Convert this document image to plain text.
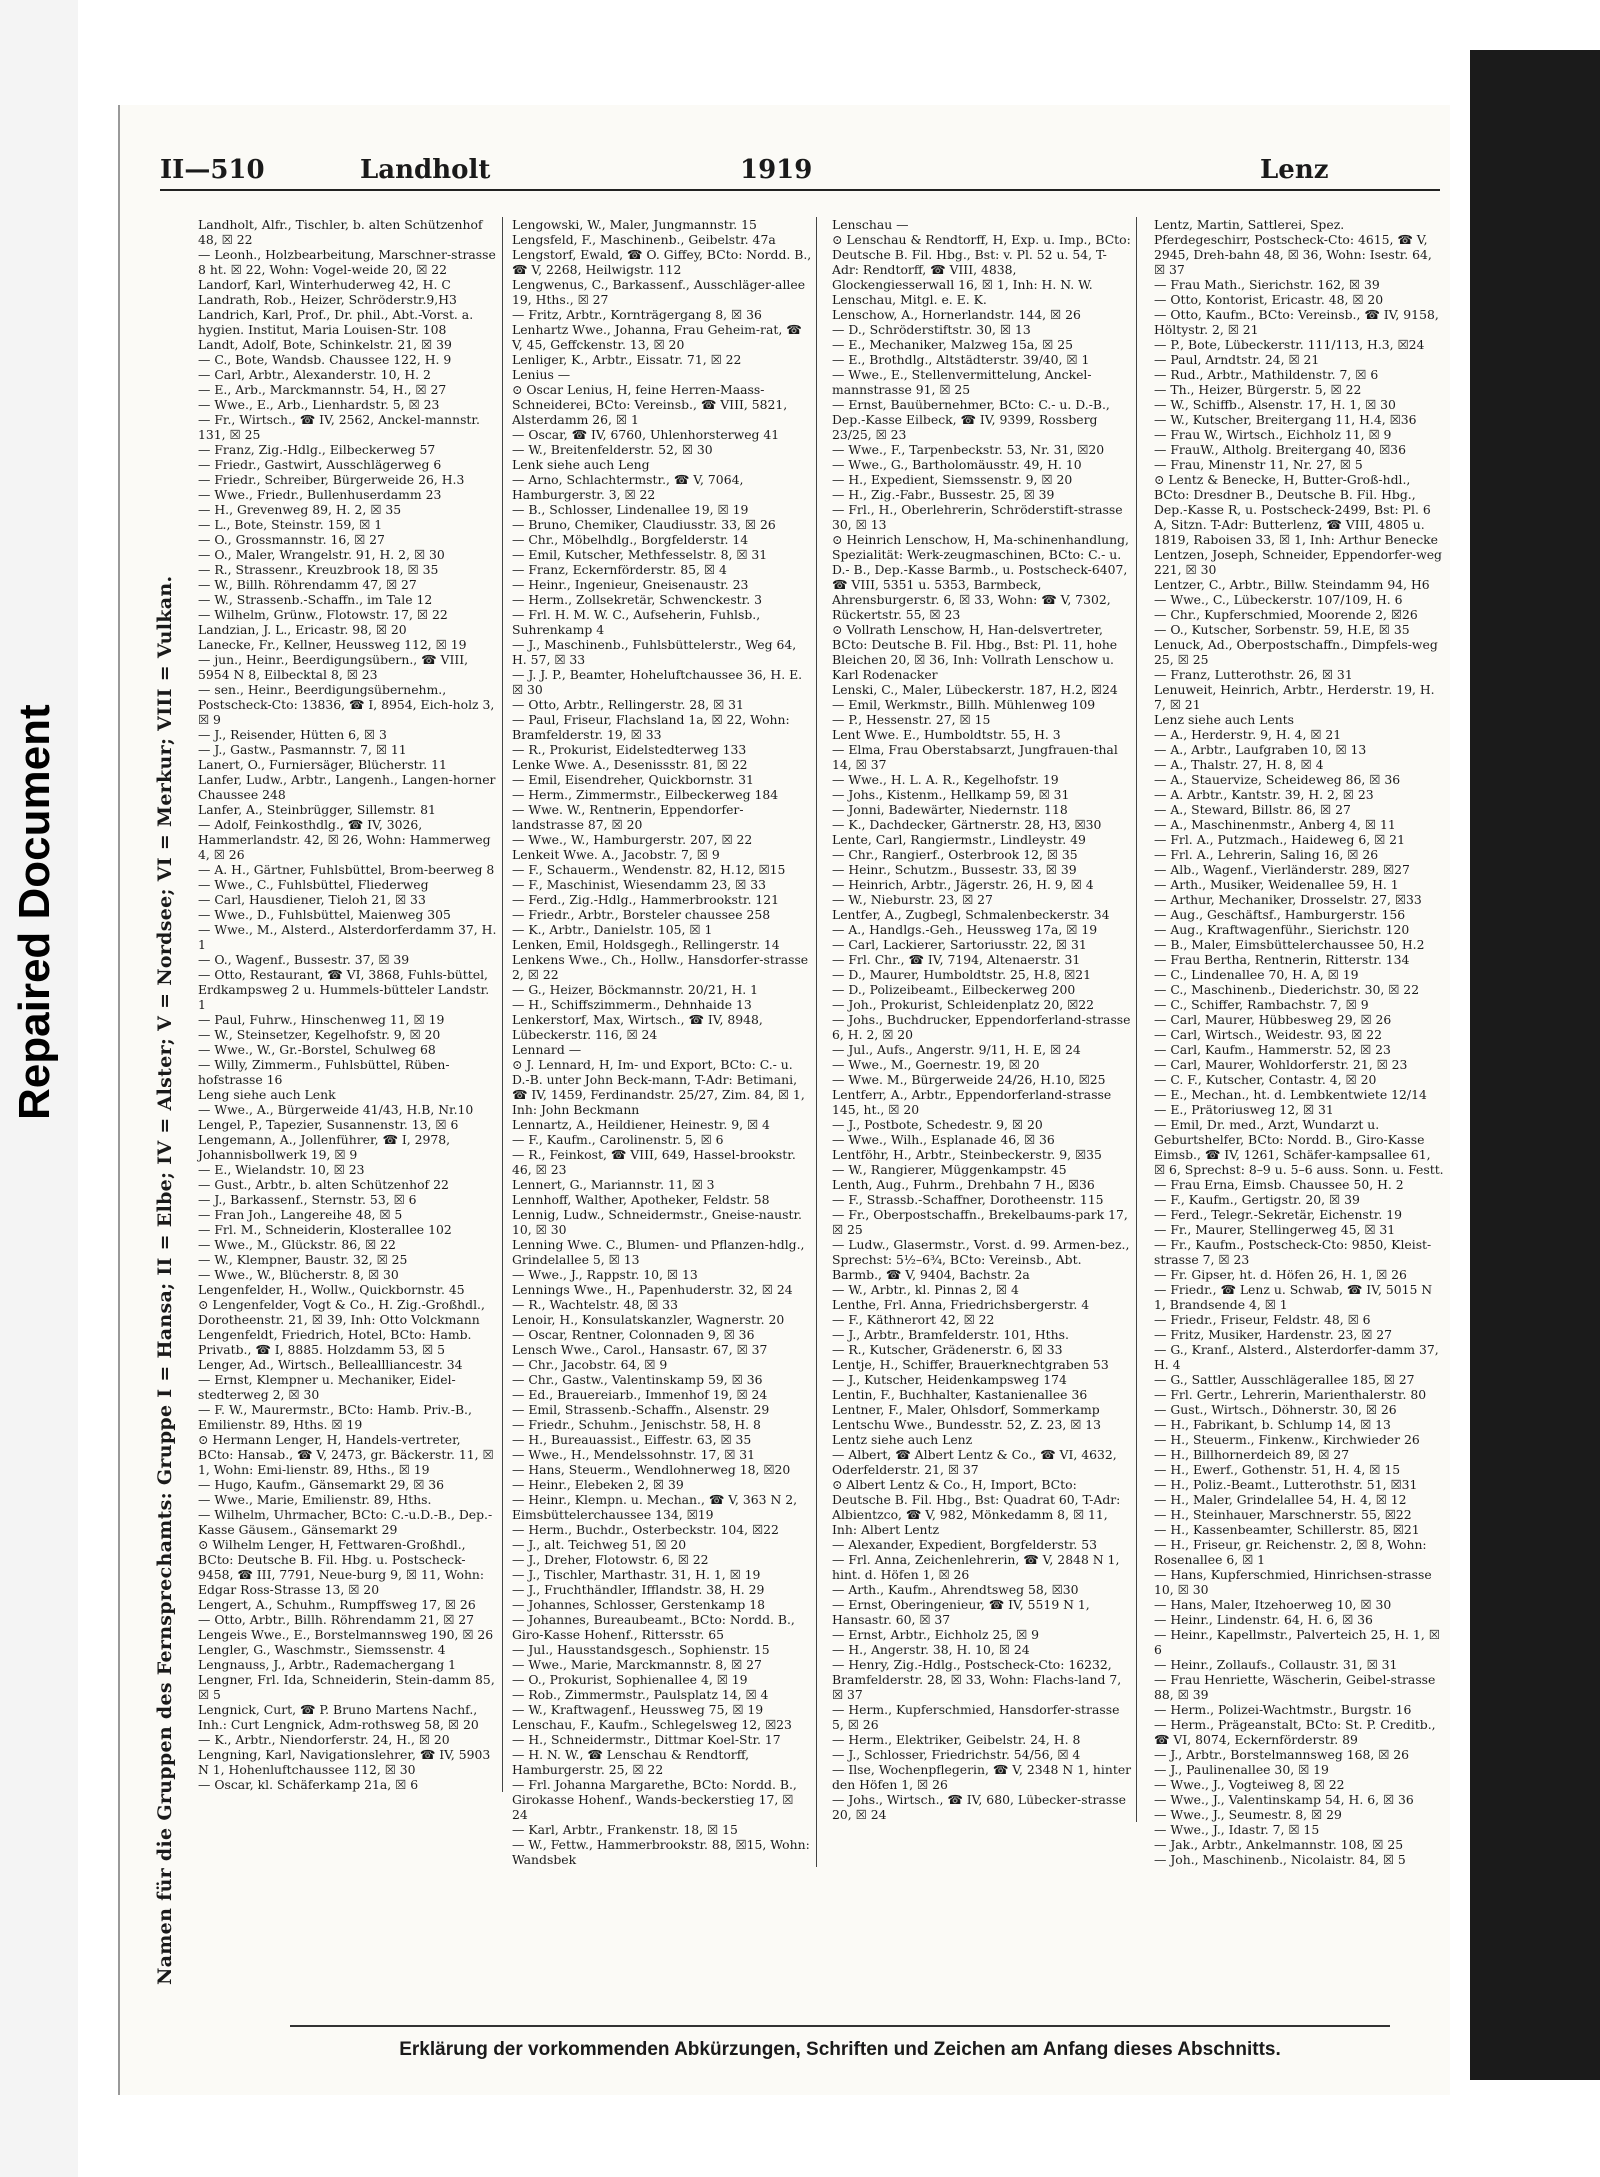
Repaired Document
II—510	Landholt	1919	Lenz
Namen für die Gruppen des Fernsprechamts: Gruppe I = Hansa; II = Elbe; IV = Alster; V = Nordsee; VI = Merkur; VIII = Vulkan.

Landholt, Alfr., Tischler, b. alten Schützenhof 48, ☒ 22

— Leonh., Holzbearbeitung, Marschner-strasse 8 ht. ☒ 22, Wohn: Vogel-weide 20, ☒ 22

Landorf, Karl, Winterhuderweg 42, H. C

Landrath, Rob., Heizer, Schröderstr.9,H3

Landrich, Karl, Prof., Dr. phil., Abt.-Vorst. a. hygien. Institut, Maria Louisen-Str. 108

Landt, Adolf, Bote, Schinkelstr. 21, ☒ 39

— C., Bote, Wandsb. Chaussee 122, H. 9

— Carl, Arbtr., Alexanderstr. 10, H. 2

— E., Arb., Marckmannstr. 54, H., ☒ 27

— Wwe., E., Arb., Lienhardstr. 5, ☒ 23

— Fr., Wirtsch., ☎ IV, 2562, Anckel-mannstr. 131, ☒ 25

— Franz, Zig.-Hdlg., Eilbeckerweg 57

— Friedr., Gastwirt, Ausschlägerweg 6

— Friedr., Schreiber, Bürgerweide 26, H.3

— Wwe., Friedr., Bullenhuserdamm 23

— H., Grevenweg 89, H. 2, ☒ 35

— L., Bote, Steinstr. 159, ☒ 1

— O., Grossmannstr. 16, ☒ 27

— O., Maler, Wrangelstr. 91, H. 2, ☒ 30

— R., Strassenr., Kreuzbrook 18, ☒ 35

— W., Billh. Röhrendamm 47, ☒ 27

— W., Strassenb.-Schaffn., im Tale 12

— Wilhelm, Grünw., Flotowstr. 17, ☒ 22

Landzian, J. L., Ericastr. 98, ☒ 20

Lanecke, Fr., Kellner, Heussweg 112, ☒ 19

— jun., Heinr., Beerdigungsübern., ☎ VIII, 5954 N 8, Eilbecktal 8, ☒ 23

— sen., Heinr., Beerdigungsübernehm., Postscheck-Cto: 13836, ☎ I, 8954, Eich-holz 3, ☒ 9

— J., Reisender, Hütten 6, ☒ 3

— J., Gastw., Pasmannstr. 7, ☒ 11

Lanert, O., Furniersäger, Blücherstr. 11

Lanfer, Ludw., Arbtr., Langenh., Langen-horner Chaussee 248

Lanfer, A., Steinbrügger, Sillemstr. 81

— Adolf, Feinkosthdlg., ☎ IV, 3026, Hammerlandstr. 42, ☒ 26, Wohn: Hammerweg 4, ☒ 26

— A. H., Gärtner, Fuhlsbüttel, Brom-beerweg 8

— Wwe., C., Fuhlsbüttel, Fliederweg

— Carl, Hausdiener, Tieloh 21, ☒ 33

— Wwe., D., Fuhlsbüttel, Maienweg 305

— Wwe., M., Alsterd., Alsterdorferdamm 37, H. 1

— O., Wagenf., Bussestr. 37, ☒ 39

— Otto, Restaurant, ☎ VI, 3868, Fuhls-büttel, Erdkampsweg 2 u. Hummels-bütteler Landstr. 1

— Paul, Fuhrw., Hinschenweg 11, ☒ 19

— W., Steinsetzer, Kegelhofstr. 9, ☒ 20

— Wwe., W., Gr.-Borstel, Schulweg 68

— Willy, Zimmerm., Fuhlsbüttel, Rüben-hofstrasse 16

Leng siehe auch Lenk

— Wwe., A., Bürgerweide 41/43, H.B, Nr.10

Lengel, P., Tapezier, Susannenstr. 13, ☒ 6

Lengemann, A., Jollenführer, ☎ I, 2978, Johannisbollwerk 19, ☒ 9

— E., Wielandstr. 10, ☒ 23

— Gust., Arbtr., b. alten Schützenhof 22

— J., Barkassenf., Sternstr. 53, ☒ 6

— Fran Joh., Langereihe 48, ☒ 5

— Frl. M., Schneiderin, Klosterallee 102

— Wwe., M., Glückstr. 86, ☒ 22

— W., Klempner, Baustr. 32, ☒ 25

— Wwe., W., Blücherstr. 8, ☒ 30

Lengenfelder, H., Wollw., Quickbornstr. 45

⊙ Lengenfelder, Vogt & Co., H. Zig.-Großhdl., Dorotheenstr. 21, ☒ 39, Inh: Otto Volckmann

Lengenfeldt, Friedrich, Hotel, BCto: Hamb. Privatb., ☎ I, 8885. Holzdamm 53, ☒ 5

Lenger, Ad., Wirtsch., Belleallliancestr. 34

— Ernst, Klempner u. Mechaniker, Eidel-stedterweg 2, ☒ 30

— F. W., Maurermstr., BCto: Hamb. Priv.-B., Emilienstr. 89, Hths. ☒ 19

⊙ Hermann Lenger, H, Handels-vertreter, BCto: Hansab., ☎ V, 2473, gr. Bäckerstr. 11, ☒ 1, Wohn: Emi-lienstr. 89, Hths., ☒ 19

— Hugo, Kaufm., Gänsemarkt 29, ☒ 36

— Wwe., Marie, Emilienstr. 89, Hths.

— Wilhelm, Uhrmacher, BCto: C.-u.D.-B., Dep.-Kasse Gäusem., Gänsemarkt 29

⊙ Wilhelm Lenger, H, Fettwaren-Großhdl., BCto: Deutsche B. Fil. Hbg. u. Postscheck-9458, ☎ III, 7791, Neue-burg 9, ☒ 11, Wohn: Edgar Ross-Strasse 13, ☒ 20

Lengert, A., Schuhm., Rumpffsweg 17, ☒ 26

— Otto, Arbtr., Billh. Röhrendamm 21, ☒ 27

Lengeis Wwe., E., Borstelmannsweg 190, ☒ 26

Lengler, G., Waschmstr., Siemssenstr. 4

Lengnauss, J., Arbtr., Rademachergang 1

Lengner, Frl. Ida, Schneiderin, Stein-damm 85, ☒ 5

Lengnick, Curt, ☎ P. Bruno Martens Nachf., Inh.: Curt Lengnick, Adm-rothsweg 58, ☒ 20

— K., Arbtr., Niendorferstr. 24, H., ☒ 20

Lengning, Karl, Navigationslehrer, ☎ IV, 5903 N 1, Hohenluftchaussee 112, ☒ 30

— Oscar, kl. Schäferkamp 21a, ☒ 6

Lengowski, W., Maler, Jungmannstr. 15

Lengsfeld, F., Maschinenb., Geibelstr. 47a

Lengstorf, Ewald, ☎ O. Giffey, BCto: Nordd. B., ☎ V, 2268, Heilwigstr. 112

Lengwenus, C., Barkassenf., Ausschläger-allee 19, Hths., ☒ 27

— Fritz, Arbtr., Kornträgergang 8, ☒ 36

Lenhartz Wwe., Johanna, Frau Geheim-rat, ☎ V, 45, Geffckenstr. 13, ☒ 20

Lenliger, K., Arbtr., Eissatr. 71, ☒ 22

Lenius —

⊙ Oscar Lenius, H, feine Herren-Maass-Schneiderei, BCto: Vereinsb., ☎ VIII, 5821, Alsterdamm 26, ☒ 1

— Oscar, ☎ IV, 6760, Uhlenhorsterweg 41

— W., Breitenfelderstr. 52, ☒ 30

Lenk siehe auch Leng

— Arno, Schlachtermstr., ☎ V, 7064, Hamburgerstr. 3, ☒ 22

— B., Schlosser, Lindenallee 19, ☒ 19

— Bruno, Chemiker, Claudiusstr. 33, ☒ 26

— Chr., Möbelhdlg., Borgfelderstr. 14

— Emil, Kutscher, Methfesselstr. 8, ☒ 31

— Franz, Eckernförderstr. 85, ☒ 4

— Heinr., Ingenieur, Gneisenaustr. 23

— Herm., Zollsekretär, Schwenckestr. 3

— Frl. H. M. W. C., Aufseherin, Fuhlsb., Suhrenkamp 4

— J., Maschinenb., Fuhlsbüttelerstr., Weg 64, H. 57, ☒ 33

— J. J. P., Beamter, Hoheluftchaussee 36, H. E. ☒ 30

— Otto, Arbtr., Rellingerstr. 28, ☒ 31

— Paul, Friseur, Flachsland 1a, ☒ 22, Wohn: Bramfelderstr. 19, ☒ 33

— R., Prokurist, Eidelstedterweg 133

Lenke Wwe. A., Desenissstr. 81, ☒ 22

— Emil, Eisendreher, Quickbornstr. 31

— Herm., Zimmermstr., Eilbeckerweg 184

— Wwe. W., Rentnerin, Eppendorfer-landstrasse 87, ☒ 20

— Wwe., W., Hamburgerstr. 207, ☒ 22

Lenkeit Wwe. A., Jacobstr. 7, ☒ 9

— F., Schauerm., Wendenstr. 82, H.12, ☒15

— F., Maschinist, Wiesendamm 23, ☒ 33

— Ferd., Zig.-Hdlg., Hammerbrookstr. 121

— Friedr., Arbtr., Borsteler chaussee 258

— K., Arbtr., Danielstr. 105, ☒ 1

Lenken, Emil, Holdsgegh., Rellingerstr. 14

Lenkens Wwe., Ch., Hollw., Hansdorfer-strasse 2, ☒ 22

— G., Heizer, Böckmannstr. 20/21, H. 1

— H., Schiffszimmerm., Dehnhaide 13

Lenkerstorf, Max, Wirtsch., ☎ IV, 8948, Lübeckerstr. 116, ☒ 24

Lennard —

⊙ J. Lennard, H, Im- und Export, BCto: C.- u. D.-B. unter John Beck-mann, T-Adr: Betimani, ☎ IV, 1459, Ferdinandstr. 25/27, Zim. 84, ☒ 1, Inh: John Beckmann

Lennartz, A., Heildiener, Heinestr. 9, ☒ 4

— F., Kaufm., Carolinenstr. 5, ☒ 6

— R., Feinkost, ☎ VIII, 649, Hassel-brookstr. 46, ☒ 23

Lennert, G., Mariannstr. 11, ☒ 3

Lennhoff, Walther, Apotheker, Feldstr. 58

Lennig, Ludw., Schneidermstr., Gneise-naustr. 10, ☒ 30

Lenning Wwe. C., Blumen- und Pflanzen-hdlg., Grindelallee 5, ☒ 13

— Wwe., J., Rappstr. 10, ☒ 13

Lennings Wwe., H., Papenhuderstr. 32, ☒ 24

— R., Wachtelstr. 48, ☒ 33

Lenoir, H., Konsulatskanzler, Wagnerstr. 20

— Oscar, Rentner, Colonnaden 9, ☒ 36

Lensch Wwe., Carol., Hansastr. 67, ☒ 37

— Chr., Jacobstr. 64, ☒ 9

— Chr., Gastw., Valentinskamp 59, ☒ 36

— Ed., Brauereiarb., Immenhof 19, ☒ 24

— Emil, Strassenb.-Schaffn., Alsenstr. 29

— Friedr., Schuhm., Jenischstr. 58, H. 8

— H., Bureauassist., Eiffestr. 63, ☒ 35

— Wwe., H., Mendelssohnstr. 17, ☒ 31

— Hans, Steuerm., Wendlohnerweg 18, ☒20

— Heinr., Elebeken 2, ☒ 39

— Heinr., Klempn. u. Mechan., ☎ V, 363 N 2, Eimsbüttelerchaussee 134, ☒19

— Herm., Buchdr., Osterbeckstr. 104, ☒22

— J., alt. Teichweg 51, ☒ 20

— J., Dreher, Flotowstr. 6, ☒ 22

— J., Tischler, Marthastr. 31, H. 1, ☒ 19

— J., Fruchthändler, Ifflandstr. 38, H. 29

— Johannes, Schlosser, Gerstenkamp 18

— Johannes, Bureaubeamt., BCto: Nordd. B., Giro-Kasse Hohenf., Rittersstr. 65

— Jul., Hausstandsgesch., Sophienstr. 15

— Wwe., Marie, Marckmannstr. 8, ☒ 27

— O., Prokurist, Sophienallee 4, ☒ 19

— Rob., Zimmermstr., Paulsplatz 14, ☒ 4

— W., Kraftwagenf., Heussweg 75, ☒ 19

Lenschau, F., Kaufm., Schlegelsweg 12, ☒23

— H., Schneidermstr., Dittmar Koel-Str. 17

— H. N. W., ☎ Lenschau & Rendtorff, Hamburgerstr. 25, ☒ 22

— Frl. Johanna Margarethe, BCto: Nordd. B., Girokasse Hohenf., Wands-beckerstieg 17, ☒ 24

— Karl, Arbtr., Frankenstr. 18, ☒ 15

— W., Fettw., Hammerbrookstr. 88, ☒15, Wohn: Wandsbek

Lenschau —

⊙ Lenschau & Rendtorff, H, Exp. u. Imp., BCto: Deutsche B. Fil. Hbg., Bst: v. Pl. 52 u. 54, T-Adr: Rendtorff, ☎ VIII, 4838, Glockengiesserwall 16, ☒ 1, Inh: H. N. W. Lenschau, Mitgl. e. E. K.

Lenschow, A., Hornerlandstr. 144, ☒ 26

— D., Schröderstiftstr. 30, ☒ 13

— E., Mechaniker, Malzweg 15a, ☒ 25

— E., Brothdlg., Altstädterstr. 39/40, ☒ 1

— Wwe., E., Stellenvermittelung, Anckel-mannstrasse 91, ☒ 25

— Ernst, Bauübernehmer, BCto: C.- u. D.-B., Dep.-Kasse Eilbeck, ☎ IV, 9399, Rossberg 23/25, ☒ 23

— Wwe., F., Tarpenbeckstr. 53, Nr. 31, ☒20

— Wwe., G., Bartholomäusstr. 49, H. 10

— H., Expedient, Siemssenstr. 9, ☒ 20

— H., Zig.-Fabr., Bussestr. 25, ☒ 39

— Frl., H., Oberlehrerin, Schröderstift-strasse 30, ☒ 13

⊙ Heinrich Lenschow, H, Ma-schinenhandlung, Spezialität: Werk-zeugmaschinen, BCto: C.- u. D.- B., Dep.-Kasse Barmb., u. Postscheck-6407, ☎ VIII, 5351 u. 5353, Barmbeck, Ahrensburgerstr. 6, ☒ 33, Wohn: ☎ V, 7302, Rückertstr. 55, ☒ 23

⊙ Vollrath Lenschow, H, Han-delsvertreter, BCto: Deutsche B. Fil. Hbg., Bst: Pl. 11, hohe Bleichen 20, ☒ 36, Inh: Vollrath Lenschow u. Karl Rodenacker

Lenski, C., Maler, Lübeckerstr. 187, H.2, ☒24

— Emil, Werkmstr., Billh. Mühlenweg 109

— P., Hessenstr. 27, ☒ 15

Lent Wwe. E., Humboldtstr. 55, H. 3

— Elma, Frau Oberstabsarzt, Jungfrauen-thal 14, ☒ 37

— Wwe., H. L. A. R., Kegelhofstr. 19

— Johs., Kistenm., Hellkamp 59, ☒ 31

— Jonni, Badewärter, Niedernstr. 118

— K., Dachdecker, Gärtnerstr. 28, H3, ☒30

Lente, Carl, Rangiermstr., Lindleystr. 49

— Chr., Rangierf., Osterbrook 12, ☒ 35

— Heinr., Schutzm., Bussestr. 33, ☒ 39

— Heinrich, Arbtr., Jägerstr. 26, H. 9, ☒ 4

— W., Nieburstr. 23, ☒ 27

Lentfer, A., Zugbegl, Schmalenbeckerstr. 34

— A., Handlgs.-Geh., Heussweg 17a, ☒ 19

— Carl, Lackierer, Sartoriusstr. 22, ☒ 31

— Frl. Chr., ☎ IV, 7194, Altenaerstr. 31

— D., Maurer, Humboldtstr. 25, H.8, ☒21

— D., Polizeibeamt., Eilbeckerweg 200

— Joh., Prokurist, Schleidenplatz 20, ☒22

— Johs., Buchdrucker, Eppendorferland-strasse 6, H. 2, ☒ 20

— Jul., Aufs., Angerstr. 9/11, H. E, ☒ 24

— Wwe., M., Goernestr. 19, ☒ 20

— Wwe. M., Bürgerweide 24/26, H.10, ☒25

Lentferr, A., Arbtr., Eppendorferland-strasse 145, ht., ☒ 20

— J., Postbote, Schedestr. 9, ☒ 20

— Wwe., Wilh., Esplanade 46, ☒ 36

Lentföhr, H., Arbtr., Steinbeckerstr. 9, ☒35

— W., Rangierer, Müggenkampstr. 45

Lenth, Aug., Fuhrm., Drehbahn 7 H., ☒36

— F., Strassb.-Schaffner, Dorotheenstr. 115

— Fr., Oberpostschaffn., Brekelbaums-park 17, ☒ 25

— Ludw., Glasermstr., Vorst. d. 99. Armen-bez., Sprechst: 5½–6¾, BCto: Vereinsb., Abt. Barmb., ☎ V, 9404, Bachstr. 2a

— W., Arbtr., kl. Pinnas 2, ☒ 4

Lenthe, Frl. Anna, Friedrichsbergerstr. 4

— F., Käthnerort 42, ☒ 22

— J., Arbtr., Bramfelderstr. 101, Hths.

— R., Kutscher, Grädenerstr. 6, ☒ 33

Lentje, H., Schiffer, Brauerknechtgraben 53

— J., Kutscher, Heidenkampsweg 174

Lentin, F., Buchhalter, Kastanienallee 36

Lentner, F., Maler, Ohlsdorf, Sommerkamp

Lentschu Wwe., Bundesstr. 52, Z. 23, ☒ 13

Lentz siehe auch Lenz

— Albert, ☎ Albert Lentz & Co., ☎ VI, 4632, Oderfelderstr. 21, ☒ 37

⊙ Albert Lentz & Co., H, Import, BCto: Deutsche B. Fil. Hbg., Bst: Quadrat 60, T-Adr: Albientzco, ☎ V, 982, Mönkedamm 8, ☒ 11, Inh: Albert Lentz

— Alexander, Expedient, Borgfelderstr. 53

— Frl. Anna, Zeichenlehrerin, ☎ V, 2848 N 1, hint. d. Höfen 1, ☒ 26

— Arth., Kaufm., Ahrendtsweg 58, ☒30

— Ernst, Oberingenieur, ☎ IV, 5519 N 1, Hansastr. 60, ☒ 37

— Ernst, Arbtr., Eichholz 25, ☒ 9

— H., Angerstr. 38, H. 10, ☒ 24

— Henry, Zig.-Hdlg., Postscheck-Cto: 16232, Bramfelderstr. 28, ☒ 33, Wohn: Flachs-land 7, ☒ 37

— Herm., Kupferschmied, Hansdorfer-strasse 5, ☒ 26

— Herm., Elektriker, Geibelstr. 24, H. 8

— J., Schlosser, Friedrichstr. 54/56, ☒ 4

— Ilse, Wochenpflegerin, ☎ V, 2348 N 1, hinter den Höfen 1, ☒ 26

— Johs., Wirtsch., ☎ IV, 680, Lübecker-strasse 20, ☒ 24

Lentz, Martin, Sattlerei, Spez. Pferdegeschirr, Postscheck-Cto: 4615, ☎ V, 2945, Dreh-bahn 48, ☒ 36, Wohn: Isestr. 64, ☒ 37

— Frau Math., Sierichstr. 162, ☒ 39

— Otto, Kontorist, Ericastr. 48, ☒ 20

— Otto, Kaufm., BCto: Vereinsb., ☎ IV, 9158, Höltystr. 2, ☒ 21

— P., Bote, Lübeckerstr. 111/113, H.3, ☒24

— Paul, Arndtstr. 24, ☒ 21

— Rud., Arbtr., Mathildenstr. 7, ☒ 6

— Th., Heizer, Bürgerstr. 5, ☒ 22

— W., Schiffb., Alsenstr. 17, H. 1, ☒ 30

— W., Kutscher, Breitergang 11, H.4, ☒36

— Frau W., Wirtsch., Eichholz 11, ☒ 9

— FrauW., Altholg. Breitergang 40, ☒36

— Frau, Minenstr 11, Nr. 27, ☒ 5

⊙ Lentz & Benecke, H, Butter-Groß-hdl., BCto: Dresdner B., Deutsche B. Fil. Hbg., Dep.-Kasse R, u. Postscheck-2499, Bst: Pl. 6 A, Sitzn. T-Adr: Butterlenz, ☎ VIII, 4805 u. 1819, Raboisen 33, ☒ 1, Inh: Arthur Benecke

Lentzen, Joseph, Schneider, Eppendorfer-weg 221, ☒ 30

Lentzer, C., Arbtr., Billw. Steindamm 94, H6

— Wwe., C., Lübeckerstr. 107/109, H. 6

— Chr., Kupferschmied, Moorende 2, ☒26

— O., Kutscher, Sorbenstr. 59, H.E, ☒ 35

Lenuck, Ad., Oberpostschaffn., Dimpfels-weg 25, ☒ 25

— Franz, Lutterothstr. 26, ☒ 31

Lenuweit, Heinrich, Arbtr., Herderstr. 19, H. 7, ☒ 21

Lenz siehe auch Lents

— A., Herderstr. 9, H. 4, ☒ 21

— A., Arbtr., Laufgraben 10, ☒ 13

— A., Thalstr. 27, H. 8, ☒ 4

— A., Stauervize, Scheideweg 86, ☒ 36

— A. Arbtr., Kantstr. 39, H. 2, ☒ 23

— A., Steward, Billstr. 86, ☒ 27

— A., Maschinenmstr., Anberg 4, ☒ 11

— Frl. A., Putzmach., Haideweg 6, ☒ 21

— Frl. A., Lehrerin, Saling 16, ☒ 26

— Alb., Wagenf., Vierländerstr. 289, ☒27

— Arth., Musiker, Weidenallee 59, H. 1

— Arthur, Mechaniker, Drosselstr. 27, ☒33

— Aug., Geschäftsf., Hamburgerstr. 156

— Aug., Kraftwagenführ., Sierichstr. 120

— B., Maler, Eimsbüttelerchaussee 50, H.2

— Frau Bertha, Rentnerin, Ritterstr. 134

— C., Lindenallee 70, H. A, ☒ 19

— C., Maschinenb., Diederichstr. 30, ☒ 22

— C., Schiffer, Rambachstr. 7, ☒ 9

— Carl, Maurer, Hübbesweg 29, ☒ 26

— Carl, Wirtsch., Weidestr. 93, ☒ 22

— Carl, Kaufm., Hammerstr. 52, ☒ 23

— Carl, Maurer, Wohldorferstr. 21, ☒ 23

— C. F., Kutscher, Contastr. 4, ☒ 20

— E., Mechan., ht. d. Lembkentwiete 12/14

— E., Prätoriusweg 12, ☒ 31

— Emil, Dr. med., Arzt, Wundarzt u. Geburtshelfer, BCto: Nordd. B., Giro-Kasse Eimsb., ☎ IV, 1261, Schäfer-kampsallee 61, ☒ 6, Sprechst: 8–9 u. 5–6 auss. Sonn. u. Festt.

— Frau Erna, Eimsb. Chaussee 50, H. 2

— F., Kaufm., Gertigstr. 20, ☒ 39

— Ferd., Telegr.-Sekretär, Eichenstr. 19

— Fr., Maurer, Stellingerweg 45, ☒ 31

— Fr., Kaufm., Postscheck-Cto: 9850, Kleist-strasse 7, ☒ 23

— Fr. Gipser, ht. d. Höfen 26, H. 1, ☒ 26

— Friedr., ☎ Lenz u. Schwab, ☎ IV, 5015 N 1, Brandsende 4, ☒ 1

— Friedr., Friseur, Feldstr. 48, ☒ 6

— Fritz, Musiker, Hardenstr. 23, ☒ 27

— G., Kranf., Alsterd., Alsterdorfer-damm 37, H. 4

— G., Sattler, Ausschlägerallee 185, ☒ 27

— Frl. Gertr., Lehrerin, Marienthalerstr. 80

— Gust., Wirtsch., Döhnerstr. 30, ☒ 26

— H., Fabrikant, b. Schlump 14, ☒ 13

— H., Steuerm., Finkenw., Kirchwieder 26

— H., Billhornerdeich 89, ☒ 27

— H., Ewerf., Gothenstr. 51, H. 4, ☒ 15

— H., Poliz.-Beamt., Lutterothstr. 51, ☒31

— H., Maler, Grindelallee 54, H. 4, ☒ 12

— H., Steinhauer, Marschnerstr. 55, ☒22

— H., Kassenbeamter, Schillerstr. 85, ☒21

— H., Friseur, gr. Reichenstr. 2, ☒ 8, Wohn: Rosenallee 6, ☒ 1

— Hans, Kupferschmied, Hinrichsen-strasse 10, ☒ 30

— Hans, Maler, Itzehoerweg 10, ☒ 30

— Heinr., Lindenstr. 64, H. 6, ☒ 36

— Heinr., Kapellmstr., Palverteich 25, H. 1, ☒ 6

— Heinr., Zollaufs., Collaustr. 31, ☒ 31

— Frau Henriette, Wäscherin, Geibel-strasse 88, ☒ 39

— Herm., Polizei-Wachtmstr., Burgstr. 16

— Herm., Prägeanstalt, BCto: St. P. Creditb., ☎ VI, 8074, Eckernförderstr. 89

— J., Arbtr., Borstelmannsweg 168, ☒ 26

— J., Paulinenallee 30, ☒ 19

— Wwe., J., Vogteiweg 8, ☒ 22

— Wwe., J., Valentinskamp 54, H. 6, ☒ 36

— Wwe., J., Seumestr. 8, ☒ 29

— Wwe., J., Idastr. 7, ☒ 15

— Jak., Arbtr., Ankelmannstr. 108, ☒ 25

— Joh., Maschinenb., Nicolaistr. 84, ☒ 5

Erklärung der vorkommenden Abkürzungen, Schriften und Zeichen am Anfang dieses Abschnitts.
